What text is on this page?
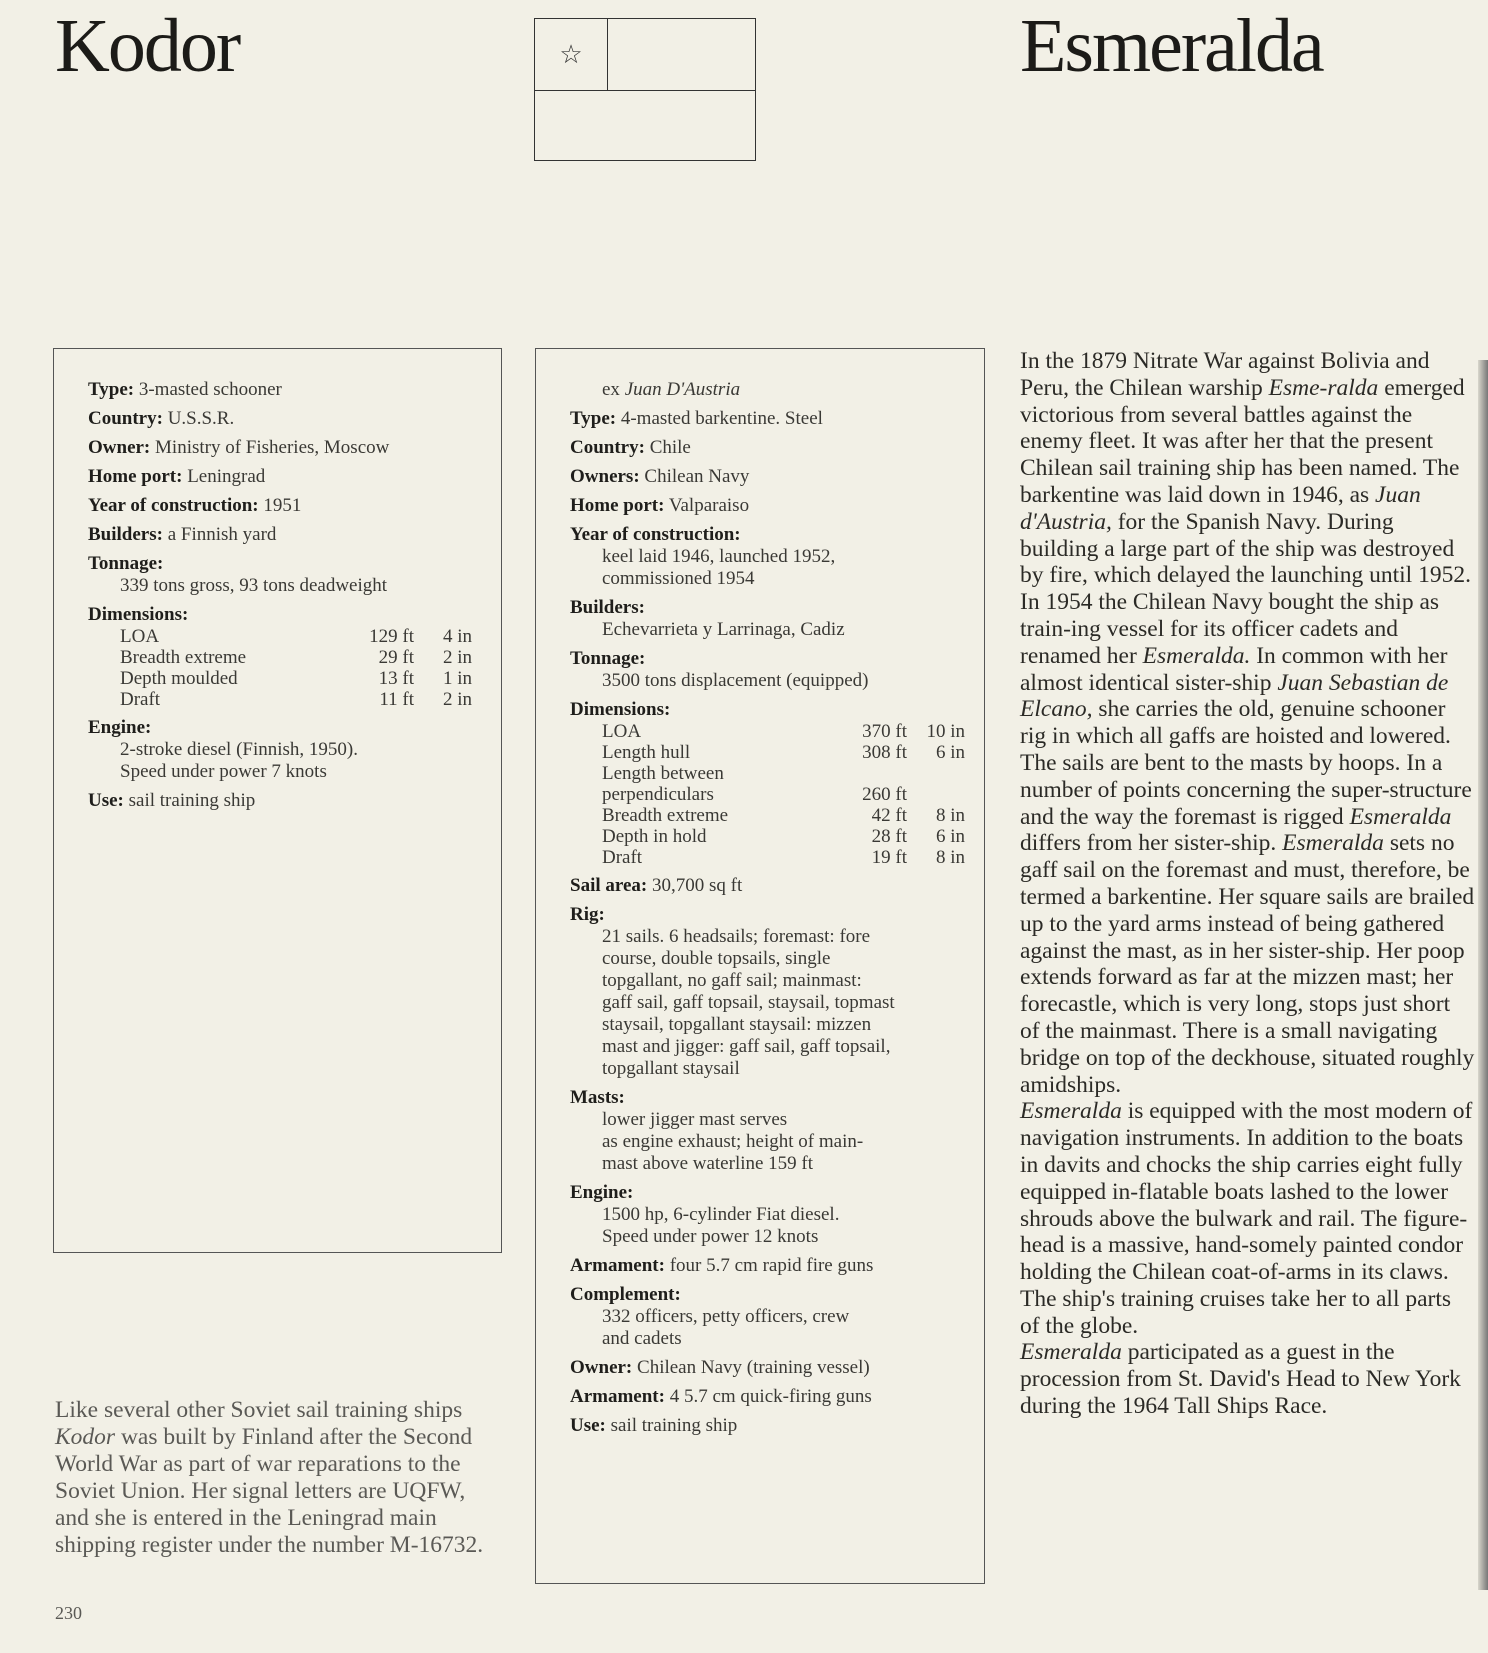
Kodor	Esmeralda
☆
Type: 3-masted schooner
Country: U.S.S.R.
Owner: Ministry of Fisheries, Moscow
Home port: Leningrad
Year of construction: 1951
Builders: a Finnish yard
Tonnage:
339 tons gross, 93 tons deadweight
Dimensions:
LOA	129 ft	4 in
Breadth extreme	29 ft	2 in
Depth moulded	13 ft	1 in
Draft	11 ft	2 in
Engine:
2-stroke diesel (Finnish, 1950).
Speed under power 7 knots
Use: sail training ship
ex Juan D'Austria
Type: 4-masted barkentine. Steel
Country: Chile
Owners: Chilean Navy
Home port: Valparaiso
Year of construction:
keel laid 1946, launched 1952,
commissioned 1954
Builders:
Echevarrieta y Larrinaga, Cadiz
Tonnage:
3500 tons displacement (equipped)
Dimensions:
LOA	370 ft	10 in
Length hull	308 ft	6 in
Length between
perpendiculars	260 ft
Breadth extreme	42 ft	8 in
Depth in hold	28 ft	6 in
Draft	19 ft	8 in
Sail area: 30,700 sq ft
Rig:
21 sails. 6 headsails; foremast: fore
course, double topsails, single
topgallant, no gaff sail; mainmast:
gaff sail, gaff topsail, staysail, topmast
staysail, topgallant staysail: mizzen
mast and jigger: gaff sail, gaff topsail,
topgallant staysail
Masts:
lower jigger mast serves
as engine exhaust; height of main-
mast above waterline 159 ft
Engine:
1500 hp, 6-cylinder Fiat diesel.
Speed under power 12 knots
Armament: four 5.7 cm rapid fire guns
Complement:
332 officers, petty officers, crew
and cadets
Owner: Chilean Navy (training vessel)
Armament: 4 5.7 cm quick-firing guns
Use: sail training ship
Like several other Soviet sail training ships Kodor was built by Finland after the Second World War as part of war reparations to the Soviet Union. Her signal letters are UQFW, and she is entered in the Leningrad main shipping register under the number M-16732.
230

In the 1879 Nitrate War against Bolivia and Peru, the Chilean warship Esme-ralda emerged victorious from several battles against the enemy fleet. It was after her that the present Chilean sail training ship has been named. The barkentine was laid down in 1946, as Juan d'Austria, for the Spanish Navy. During building a large part of the ship was destroyed by fire, which delayed the launching until 1952. In 1954 the Chilean Navy bought the ship as train-ing vessel for its officer cadets and renamed her Esmeralda. In common with her almost identical sister-ship Juan Sebastian de Elcano, she carries the old, genuine schooner rig in which all gaffs are hoisted and lowered. The sails are bent to the masts by hoops. In a number of points concerning the super-structure and the way the foremast is rigged Esmeralda differs from her sister-ship. Esmeralda sets no gaff sail on the foremast and must, therefore, be termed a barkentine. Her square sails are brailed up to the yard arms instead of being gathered against the mast, as in her sister-ship. Her poop extends forward as far at the mizzen mast; her forecastle, which is very long, stops just short of the mainmast. There is a small navigating bridge on top of the deckhouse, situated roughly amidships.

Esmeralda is equipped with the most modern of navigation instruments. In addition to the boats in davits and chocks the ship carries eight fully equipped in-flatable boats lashed to the lower shrouds above the bulwark and rail. The figure-head is a massive, hand-somely painted condor holding the Chilean coat-of-arms in its claws. The ship's training cruises take her to all parts of the globe.

Esmeralda participated as a guest in the procession from St. David's Head to New York during the 1964 Tall Ships Race.
